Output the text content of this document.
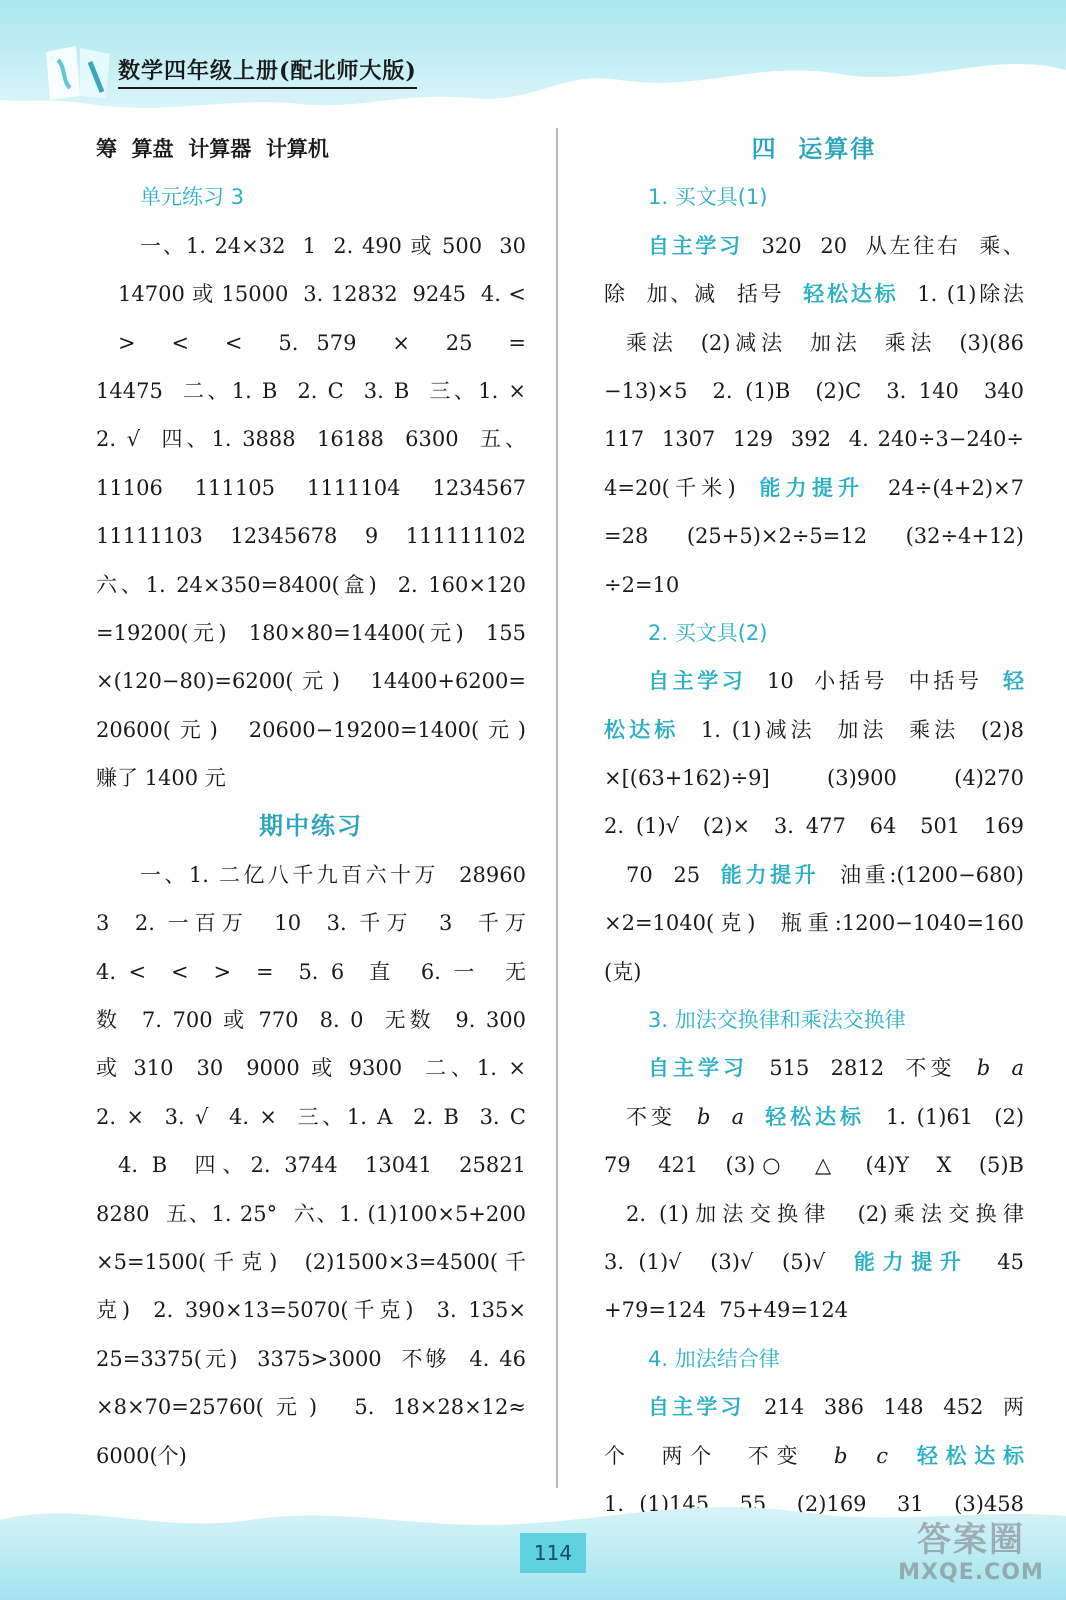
数学四年级上册(配北师大版)
筹  算盘  计算器  计算机
单元练习 3
一、1. 24×32  1  2. 490 或 500  30
14700 或 15000  3. 12832  9245  4. <
>  <  <  5. 579  ×  25  =
14475  二、1. B  2. C  3. B  三、1. ×
2. √  四、1. 3888  16188  6300  五、
11106  111105  1111104  1234567
11111103  12345678  9  111111102
六、1. 24×350=8400(盒)  2. 160×120
=19200(元)  180×80=14400(元)  155
×(120−80)=6200(元)  14400+6200=
20600(元)  20600−19200=1400(元)
赚了 1400 元
期中练习
一、1. 二亿八千九百六十万  28960
3  2. 一百万  10  3. 千万  3  千万
4. <  <  >  =  5. 6  直  6. 一  无
数  7. 700 或 770  8. 0  无数  9. 300
或 310  30  9000 或 9300  二、1. ×
2. ×  3. √  4. ×  三、1. A  2. B  3. C
4. B  四、2. 3744  13041  25821
8280  五、1. 25°  六、1. (1)100×5+200
×5=1500(千克)  (2)1500×3=4500(千
克)  2. 390×13=5070(千克)  3. 135×
25=3375(元)  3375>3000  不够  4. 46
×8×70=25760(元)  5. 18×28×12≈
6000(个)
四  运算律
1. 买文具(1)
自主学习 320  20  从左往右  乘、
除  加、减  括号 轻松达标 1. (1)除法
乘法  (2)减法  加法  乘法  (3)(86
−13)×5  2. (1)B  (2)C  3. 140  340
117  1307  129  392  4. 240÷3−240÷
4=20(千米) 能力提升 24÷(4+2)×7
=28  (25+5)×2÷5=12  (32÷4+12)
÷2=10
2. 买文具(2)
自主学习 10  小括号  中括号 轻
松达标 1. (1)减法  加法  乘法  (2)8
×[(63+162)÷9]  (3)900  (4)270
2. (1)√  (2)×  3. 477  64  501  169
70  25 能力提升 油重:(1200−680)
×2=1040(克)  瓶重:1200−1040=160
(克)
3. 加法交换律和乘法交换律
自主学习 515  2812  不变 b a
不变 b a 轻松达标 1. (1)61  (2)
79  421  (3)○  △  (4)Y  X  (5)B
2. (1)加法交换律  (2)乘法交换律
3. (1)√  (3)√  (5)√ 能力提升 45
+79=124  75+49=124
4. 加法结合律
自主学习 214  386  148  452  两
个  两个  不变 b c 轻松达标
1. (1)145  55  (2)169  31  (3)458
114	答案圈
MXQE.COM
